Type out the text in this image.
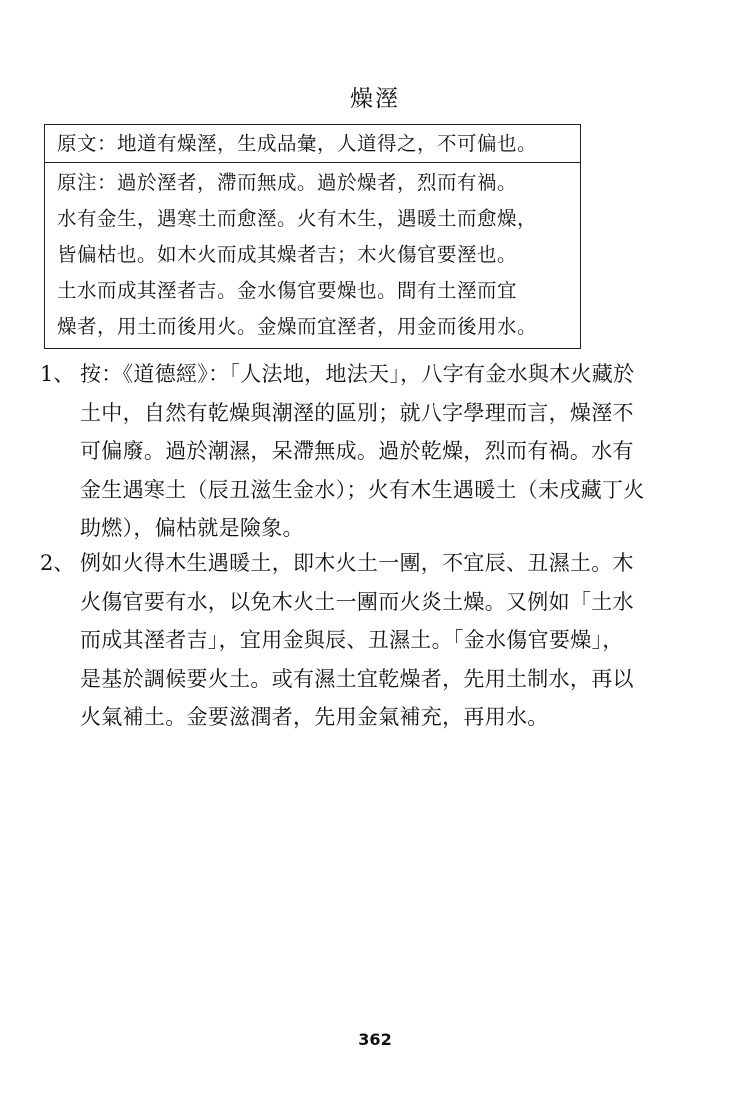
燥溼
原文：地道有燥溼，生成品彙，人道得之，不可偏也。
原注：過於溼者，滯而無成。過於燥者，烈而有禍。
水有金生，遇寒土而愈溼。火有木生，遇暖土而愈燥，
皆偏枯也。如木火而成其燥者吉；木火傷官要溼也。
土水而成其溼者吉。金水傷官要燥也。間有土溼而宜
燥者，用土而後用火。金燥而宜溼者，用金而後用水。
1、 按：《道德經》：「人法地，地法天」，八字有金水與木火藏於
土中，自然有乾燥與潮溼的區別；就八字學理而言，燥溼不
可偏廢。過於潮濕，呆滯無成。過於乾燥，烈而有禍。水有
金生遇寒土（辰丑滋生金水）；火有木生遇暖土（未戌藏丁火
助燃），偏枯就是險象。
2、 例如火得木生遇暖土，即木火土一團，不宜辰、丑濕土。木
火傷官要有水，以免木火土一團而火炎土燥。又例如「土水
而成其溼者吉」，宜用金與辰、丑濕土。「金水傷官要燥」，
是基於調候要火土。或有濕土宜乾燥者，先用土制水，再以
火氣補土。金要滋潤者，先用金氣補充，再用水。
362
